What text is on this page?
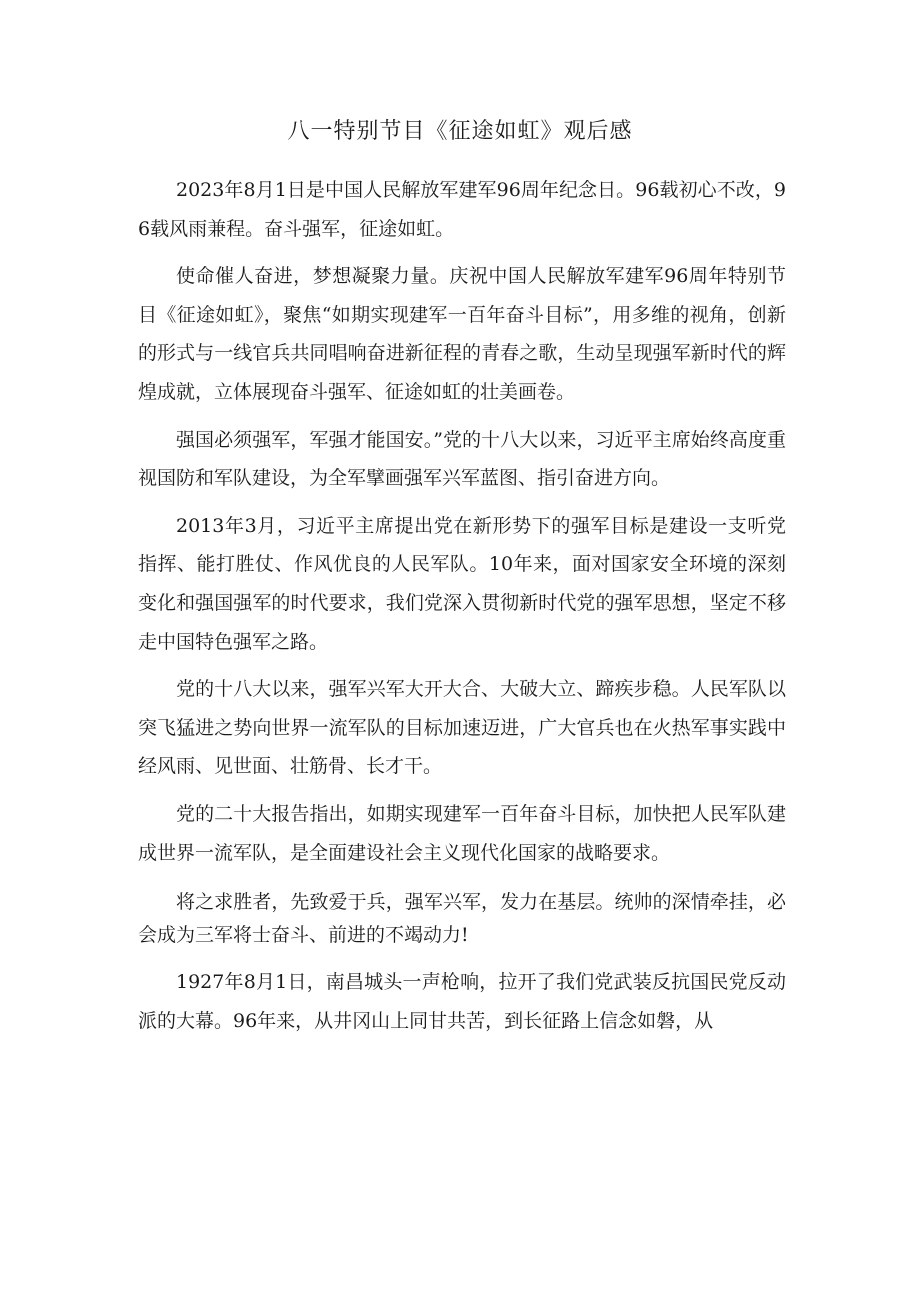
八一特别节目《征途如虹》观后感

2023年8月1日是中国人民解放军建军96周年纪念日。96载初心不改，96载风雨兼程。奋斗强军，征途如虹。

使命催人奋进，梦想凝聚力量。庆祝中国人民解放军建军96周年特别节目《征途如虹》，聚焦“如期实现建军一百年奋斗目标”，用多维的视角，创新的形式与一线官兵共同唱响奋进新征程的青春之歌，生动呈现强军新时代的辉煌成就，立体展现奋斗强军、征途如虹的壮美画卷。

强国必须强军，军强才能国安。”党的十八大以来，习近平主席始终高度重视国防和军队建设，为全军擘画强军兴军蓝图、指引奋进方向。

2013年3月，习近平主席提出党在新形势下的强军目标是建设一支听党指挥、能打胜仗、作风优良的人民军队。10年来，面对国家安全环境的深刻变化和强国强军的时代要求，我们党深入贯彻新时代党的强军思想，坚定不移走中国特色强军之路。

党的十八大以来，强军兴军大开大合、大破大立、蹄疾步稳。人民军队以突飞猛进之势向世界一流军队的目标加速迈进，广大官兵也在火热军事实践中经风雨、见世面、壮筋骨、长才干。

党的二十大报告指出，如期实现建军一百年奋斗目标，加快把人民军队建成世界一流军队，是全面建设社会主义现代化国家的战略要求。

将之求胜者，先致爱于兵，强军兴军，发力在基层。统帅的深情牵挂，必会成为三军将士奋斗、前进的不竭动力!

1927年8月1日，南昌城头一声枪响，拉开了我们党武装反抗国民党反动派的大幕。96年来，从井冈山上同甘共苦，到长征路上信念如磐，从
